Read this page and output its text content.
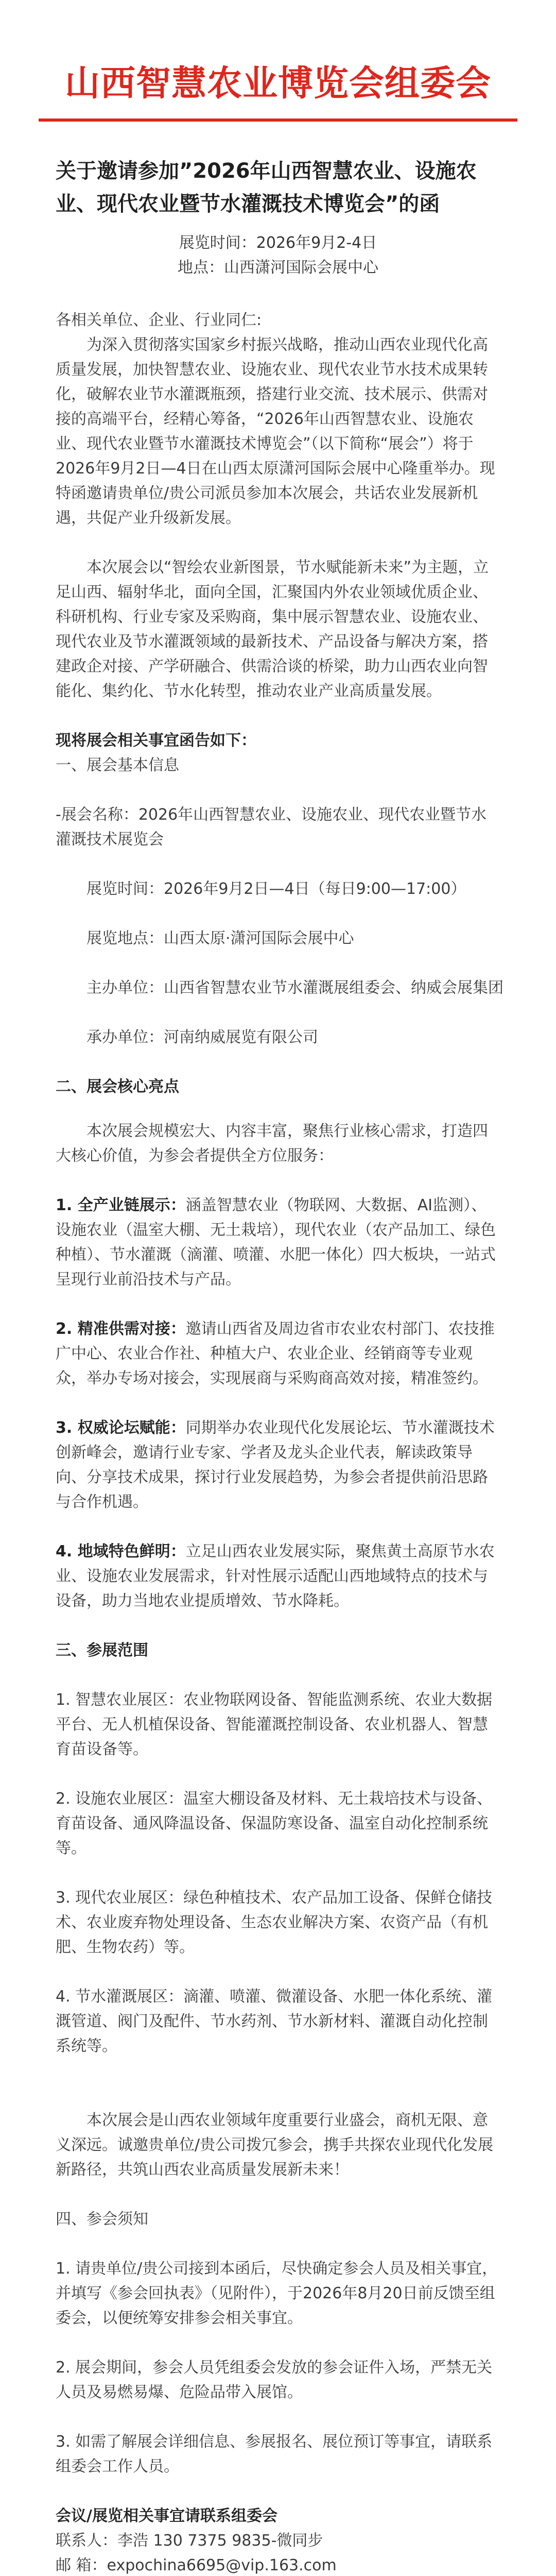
山西智慧农业博览会组委会
关于邀请参加”2026年山西智慧农业、设施农业、现代农业暨节水灌溉技术博览会”的函
展览时间：2026年9月2-4日
地点：山西潇河国际会展中心

各相关单位、企业、行业同仁:

为深入贯彻落实国家乡村振兴战略，推动山西农业现代化高质量发展，加快智慧农业、设施农业、现代农业节水技术成果转化，破解农业节水灌溉瓶颈，搭建行业交流、技术展示、供需对接的高端平台，经精心筹备，“2026年山西智慧农业、设施农业、现代农业暨节水灌溉技术博览会”（以下简称“展会”）将于2026年9月2日—4日在山西太原潇河国际会展中心隆重举办。现特函邀请贵单位/贵公司派员参加本次展会，共话农业发展新机遇，共促产业升级新发展。

本次展会以“智绘农业新图景，节水赋能新未来”为主题，立足山西、辐射华北，面向全国，汇聚国内外农业领域优质企业、科研机构、行业专家及采购商，集中展示智慧农业、设施农业、现代农业及节水灌溉领域的最新技术、产品设备与解决方案，搭建政企对接、产学研融合、供需洽谈的桥梁，助力山西农业向智能化、集约化、节水化转型，推动农业产业高质量发展。

现将展会相关事宜函告如下：

一、展会基本信息

-展会名称：2026年山西智慧农业、设施农业、现代农业暨节水灌溉技术展览会

展览时间：2026年9月2日—4日（每日9:00—17:00）

展览地点：山西太原·潇河国际会展中心

主办单位：山西省智慧农业节水灌溉展组委会、纳威会展集团

承办单位：河南纳威展览有限公司

二、展会核心亮点

本次展会规模宏大、内容丰富，聚焦行业核心需求，打造四大核心价值，为参会者提供全方位服务：

1. 全产业链展示：涵盖智慧农业（物联网、大数据、AI监测）、设施农业（温室大棚、无土栽培），现代农业（农产品加工、绿色种植）、节水灌溉（滴灌、喷灌、水肥一体化）四大板块，一站式呈现行业前沿技术与产品。

2. 精准供需对接：邀请山西省及周边省市农业农村部门、农技推广中心、农业合作社、种植大户、农业企业、经销商等专业观众，举办专场对接会，实现展商与采购商高效对接，精准签约。

3. 权威论坛赋能：同期举办农业现代化发展论坛、节水灌溉技术创新峰会，邀请行业专家、学者及龙头企业代表，解读政策导向、分享技术成果，探讨行业发展趋势，为参会者提供前沿思路与合作机遇。

4. 地域特色鲜明：立足山西农业发展实际，聚焦黄土高原节水农业、设施农业发展需求，针对性展示适配山西地域特点的技术与设备，助力当地农业提质增效、节水降耗。

三、参展范围

1. 智慧农业展区：农业物联网设备、智能监测系统、农业大数据平台、无人机植保设备、智能灌溉控制设备、农业机器人、智慧育苗设备等。

2. 设施农业展区：温室大棚设备及材料、无土栽培技术与设备、育苗设备、通风降温设备、保温防寒设备、温室自动化控制系统等。

3. 现代农业展区：绿色种植技术、农产品加工设备、保鲜仓储技术、农业废弃物处理设备、生态农业解决方案、农资产品（有机肥、生物农药）等。

4. 节水灌溉展区：滴灌、喷灌、微灌设备、水肥一体化系统、灌溉管道、阀门及配件、节水药剂、节水新材料、灌溉自动化控制系统等。

本次展会是山西农业领域年度重要行业盛会，商机无限、意义深远。诚邀贵单位/贵公司拨冗参会，携手共探农业现代化发展新路径，共筑山西农业高质量发展新未来！

四、参会须知

1. 请贵单位/贵公司接到本函后，尽快确定参会人员及相关事宜，并填写《参会回执表》（见附件），于2026年8月20日前反馈至组委会，以便统筹安排参会相关事宜。

2. 展会期间，参会人员凭组委会发放的参会证件入场，严禁无关人员及易燃易爆、危险品带入展馆。

3. 如需了解展会详细信息、参展报名、展位预订等事宜，请联系组委会工作人员。

会议/展览相关事宜请联系组委会

联系人：李浩 130 7375 9835-微同步

邮 箱：expochina6695@vip.163.com
